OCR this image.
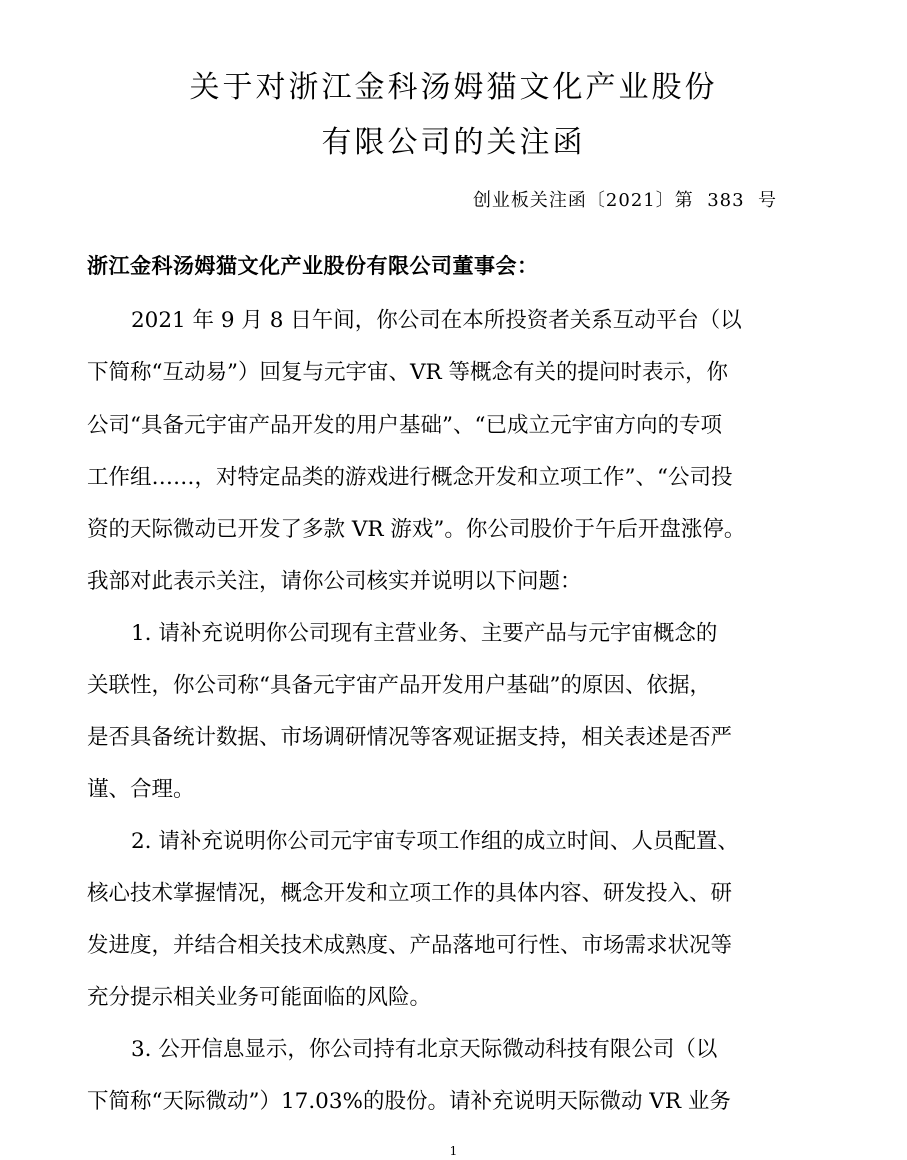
关于对浙江金科汤姆猫文化产业股份
有限公司的关注函
创业板关注函〔2021〕第  383  号
浙江金科汤姆猫文化产业股份有限公司董事会：
2021 年 9 月 8 日午间，你公司在本所投资者关系互动平台（以
下简称“互动易”）回复与元宇宙、VR 等概念有关的提问时表示，你
公司“具备元宇宙产品开发的用户基础”、“已成立元宇宙方向的专项
工作组……，对特定品类的游戏进行概念开发和立项工作”、“公司投
资的天际微动已开发了多款 VR 游戏”。你公司股价于午后开盘涨停。
我部对此表示关注，请你公司核实并说明以下问题：
1. 请补充说明你公司现有主营业务、主要产品与元宇宙概念的
关联性，你公司称“具备元宇宙产品开发用户基础”的原因、依据，
是否具备统计数据、市场调研情况等客观证据支持，相关表述是否严
谨、合理。
2. 请补充说明你公司元宇宙专项工作组的成立时间、人员配置、
核心技术掌握情况，概念开发和立项工作的具体内容、研发投入、研
发进度，并结合相关技术成熟度、产品落地可行性、市场需求状况等
充分提示相关业务可能面临的风险。
3. 公开信息显示，你公司持有北京天际微动科技有限公司（以
下简称“天际微动”）17.03%的股份。请补充说明天际微动 VR 业务
1
